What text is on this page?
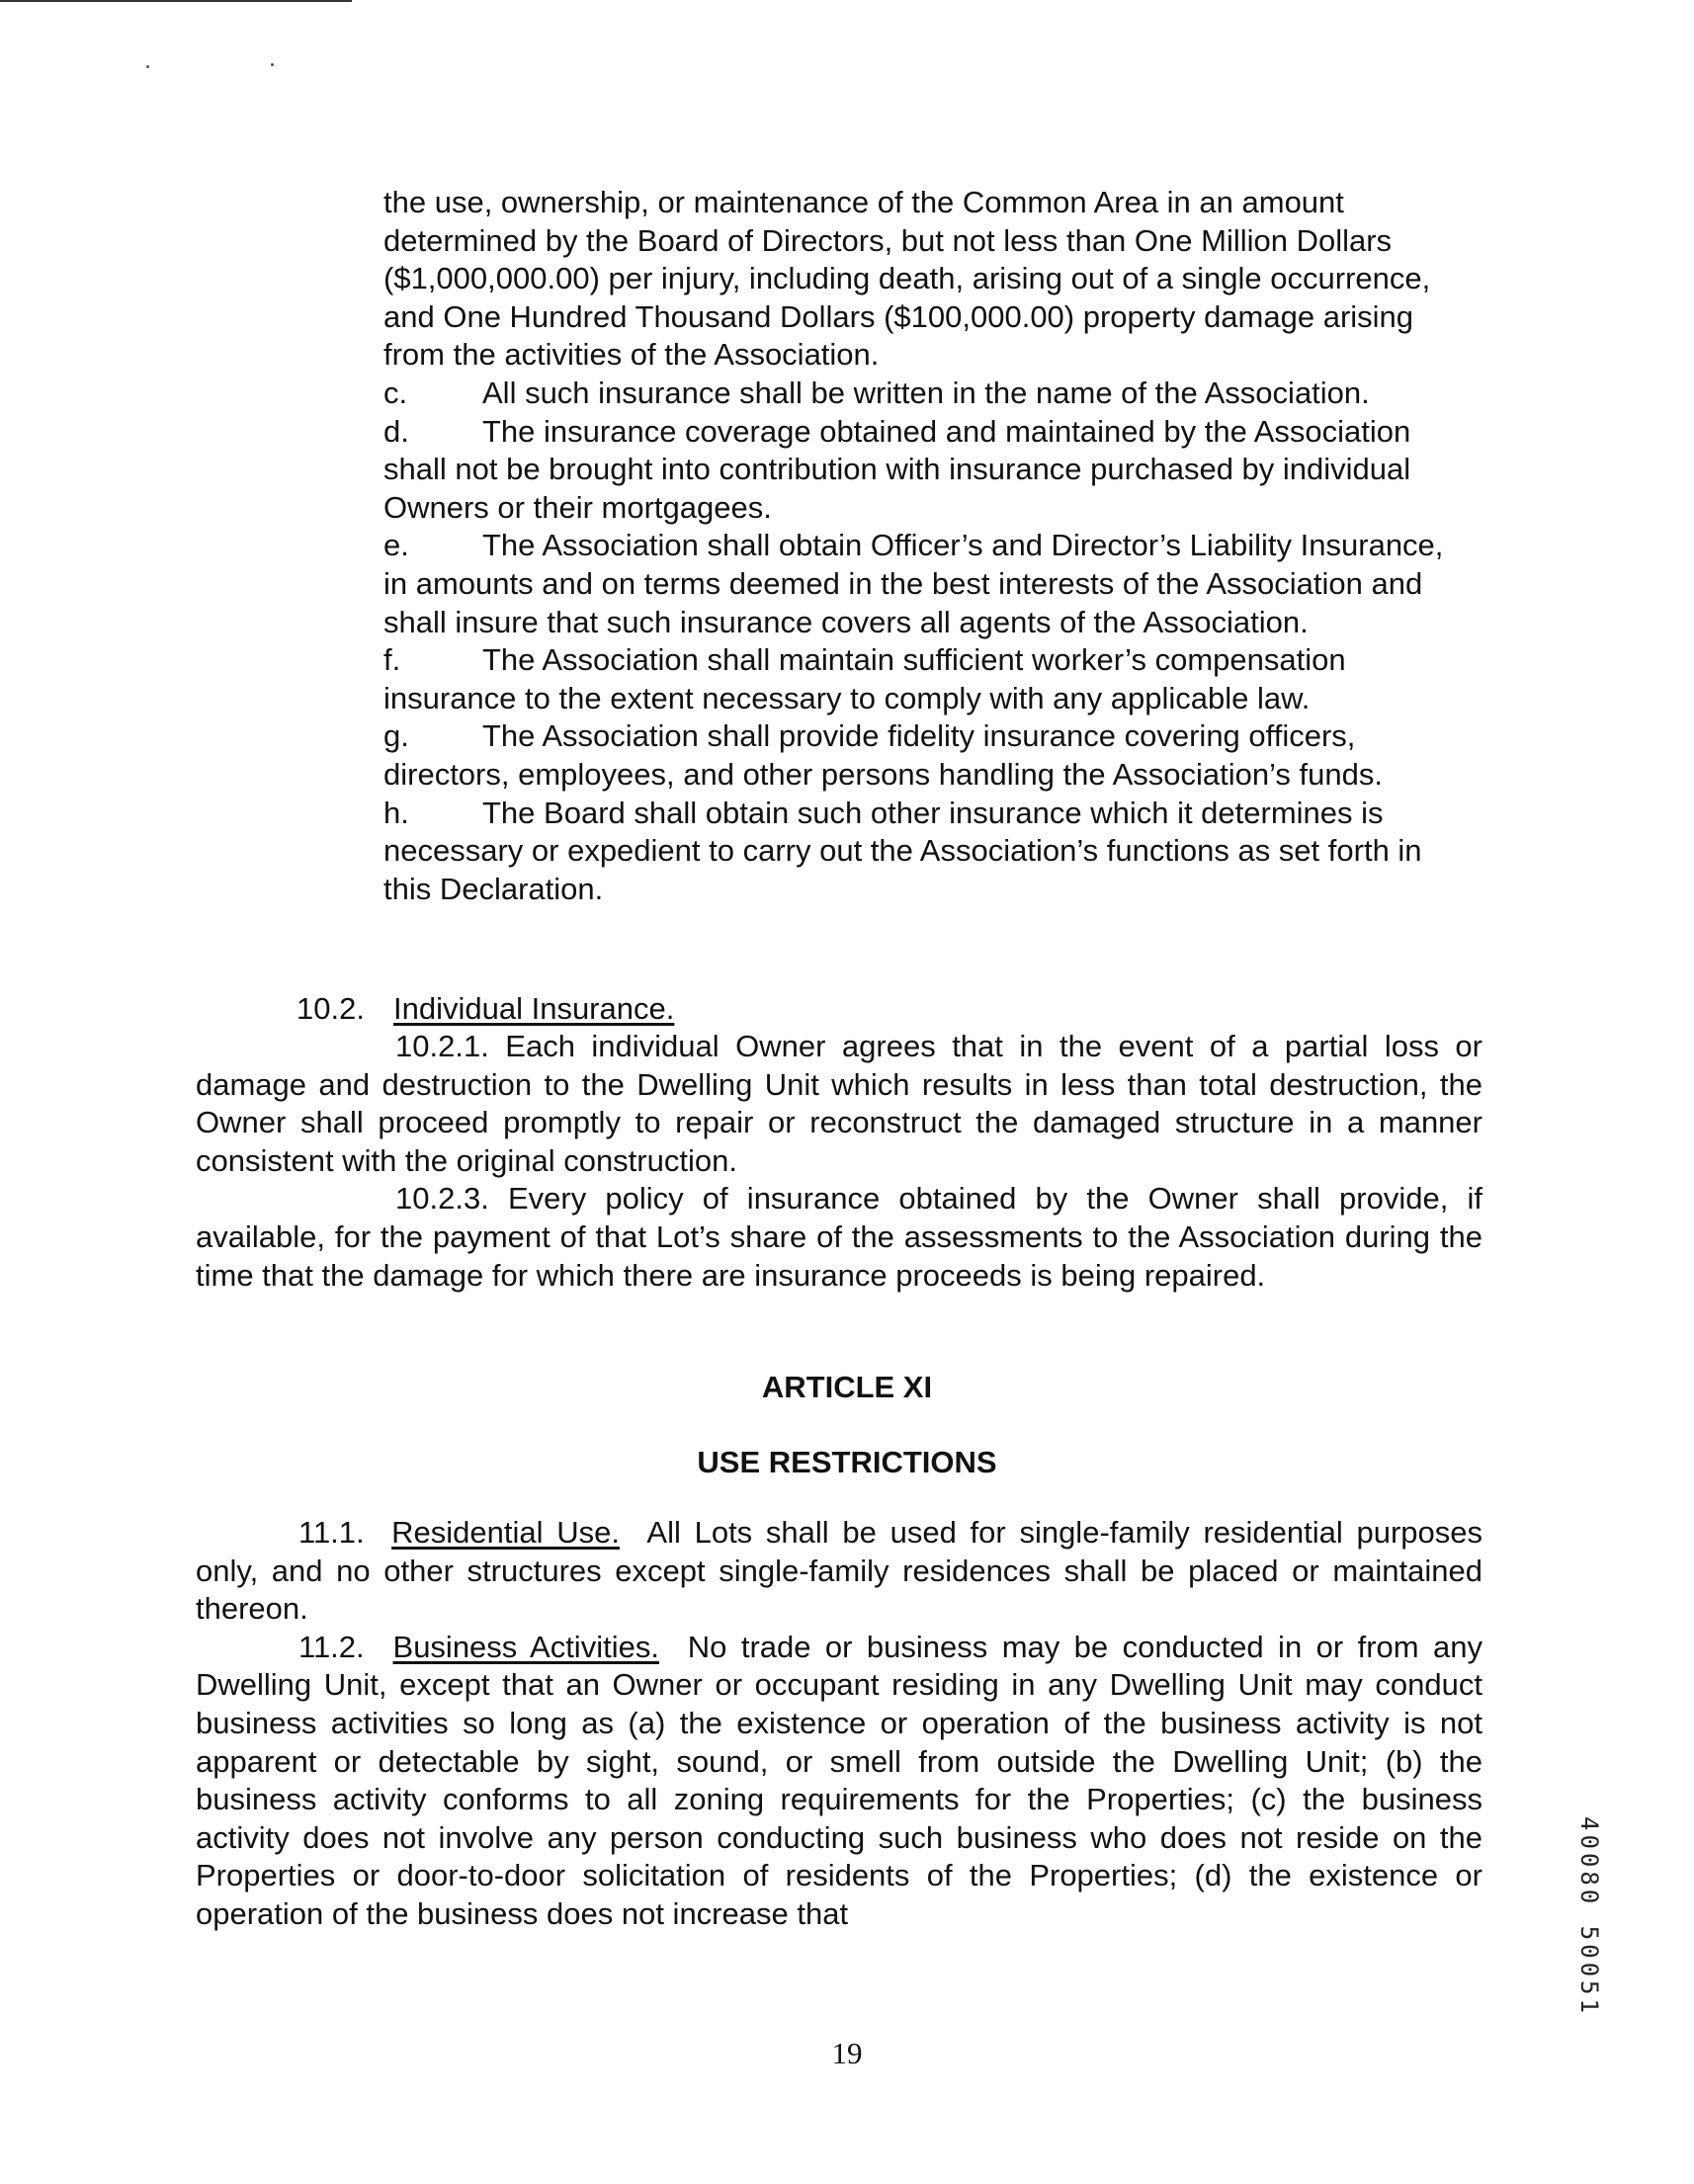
the use, ownership, or maintenance of the Common Area in an amount determined by the Board of Directors, but not less than One Million Dollars ($1,000,000.00) per injury, including death, arising out of a single occurrence, and One Hundred Thousand Dollars ($100,000.00) property damage arising from the activities of the Association.

c. All such insurance shall be written in the name of the Association.

d. The insurance coverage obtained and maintained by the Association shall not be brought into contribution with insurance purchased by individual Owners or their mortgagees.

e. The Association shall obtain Officer’s and Director’s Liability Insurance, in amounts and on terms deemed in the best interests of the Association and shall insure that such insurance covers all agents of the Association.

f.	The Association shall maintain sufficient worker’s compensation insurance to the extent necessary to comply with any applicable law.

g. The Association shall provide fidelity insurance covering officers, directors, employees, and other persons handling the Association’s funds.

h. The Board shall obtain such other insurance which it determines is necessary or expedient to carry out the Association’s functions as set forth in this Declaration.

10.2. Individual Insurance.

10.2.1. Each individual Owner agrees that in the event of a partial loss or damage and destruction to the Dwelling Unit which results in less than total destruction, the Owner shall proceed promptly to repair or reconstruct the damaged structure in a manner consistent with the original construction.

10.2.3. Every policy of insurance obtained by the Owner shall provide, if available, for the payment of that Lot’s share of the assessments to the Association during the time that the damage for which there are insurance proceeds is being repaired.

ARTICLE XI
USE RESTRICTIONS

11.1. Residential Use. All Lots shall be used for single-family residential purposes only, and no other structures except single-family residences shall be placed or maintained thereon.

11.2. Business Activities. No trade or business may be conducted in or from any Dwelling Unit, except that an Owner or occupant residing in any Dwelling Unit may conduct business activities so long as (a) the existence or operation of the business activity is not apparent or detectable by sight, sound, or smell from outside the Dwelling Unit; (b) the business activity conforms to all zoning requirements for the Properties; (c) the business activity does not involve any person conducting such business who does not reside on the Properties or door-to-door solicitation of residents of the Properties; (d) the existence or operation of the business does not increase that

19
40080 50051
